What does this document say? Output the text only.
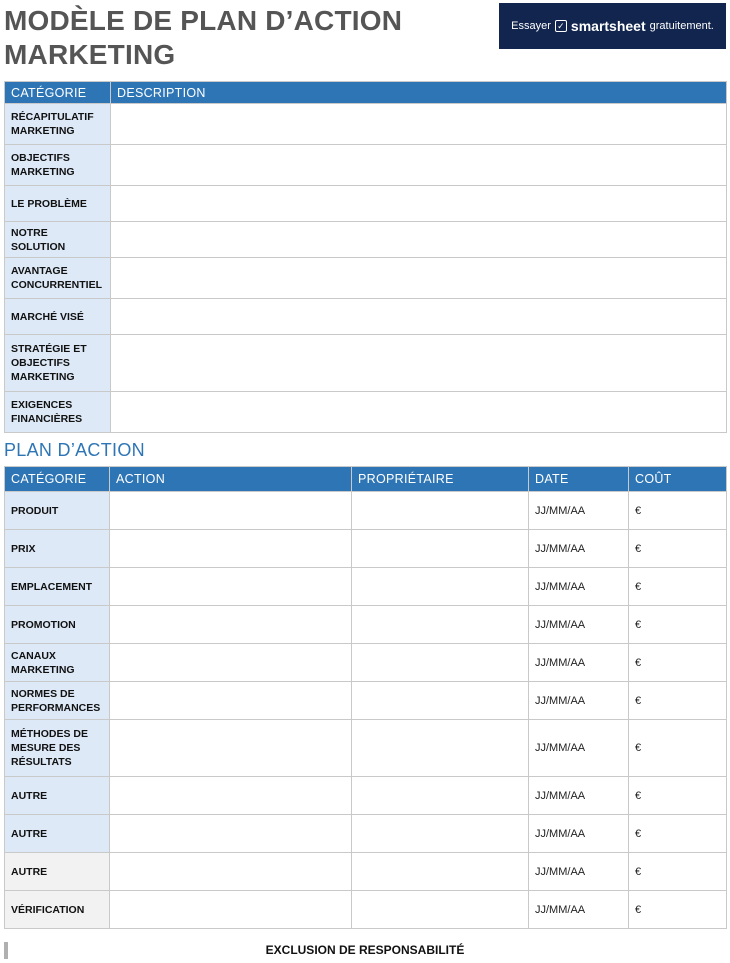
MODÈLE DE PLAN D’ACTION MARKETING
Essayer ✓ smartsheet gratuitement.
CATÉGORIE	DESCRIPTION
RÉCAPITULATIF MARKETING	
OBJECTIFS MARKETING	
LE PROBLÈME	
NOTRE SOLUTION	
AVANTAGE CONCURRENTIEL	
MARCHÉ VISÉ	
STRATÉGIE ET OBJECTIFS MARKETING	
EXIGENCES FINANCIÈRES	
PLAN D’ACTION
CATÉGORIE	ACTION	PROPRIÉTAIRE	DATE	COÛT
PRODUIT			JJ/MM/AA	€
PRIX			JJ/MM/AA	€
EMPLACEMENT			JJ/MM/AA	€
PROMOTION			JJ/MM/AA	€
CANAUX MARKETING			JJ/MM/AA	€
NORMES DE PERFORMANCES			JJ/MM/AA	€
MÉTHODES DE MESURE DES RÉSULTATS			JJ/MM/AA	€
AUTRE			JJ/MM/AA	€
AUTRE			JJ/MM/AA	€
AUTRE			JJ/MM/AA	€
VÉRIFICATION			JJ/MM/AA	€
EXCLUSION DE RESPONSABILITÉ
